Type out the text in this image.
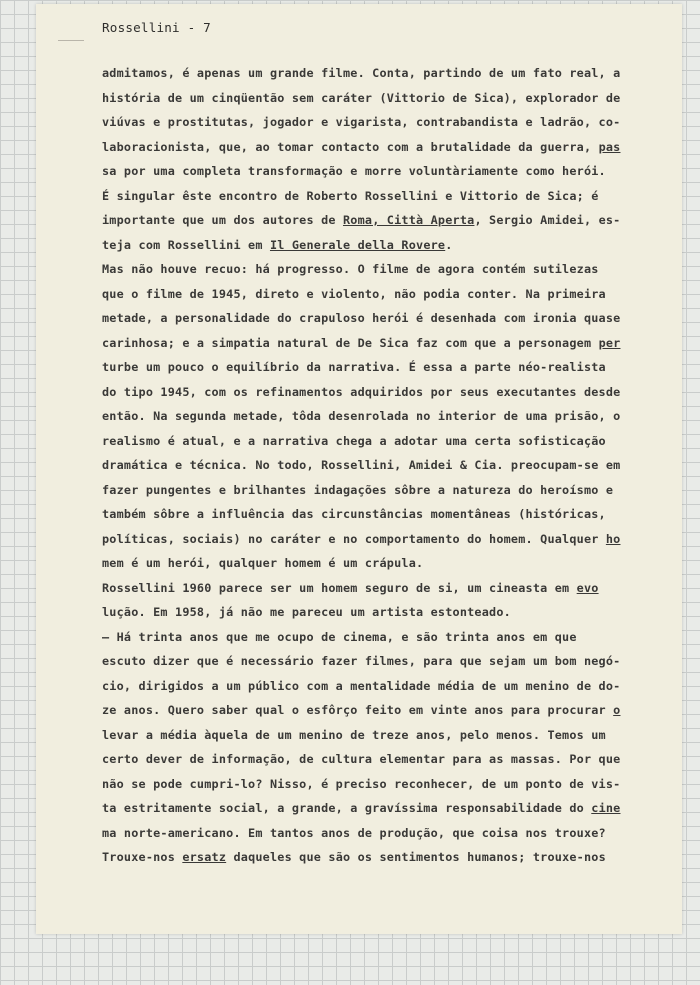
Rossellini - 7
admitamos, é apenas um grande filme. Conta, partindo de um fato real, a
história de um cinqüentão sem caráter (Vittorio de Sica), explorador de
viúvas e prostitutas, jogador e vigarista, contrabandista e ladrão, co-
laboracionista, que, ao tomar contacto com a brutalidade da guerra, pas
sa por uma completa transformação e morre voluntàriamente como herói.
É singular êste encontro de Roberto Rossellini e Vittorio de Sica; é
importante que um dos autores de Roma, Città Aperta, Sergio Amidei, es-
teja com Rossellini em Il Generale della Rovere.
Mas não houve recuo: há progresso. O filme de agora contém sutilezas
que o filme de 1945, direto e violento, não podia conter. Na primeira
metade, a personalidade do crapuloso herói é desenhada com ironia quase
carinhosa; e a simpatia natural de De Sica faz com que a personagem per
turbe um pouco o equilíbrio da narrativa. É essa a parte néo-realista
do tipo 1945, com os refinamentos adquiridos por seus executantes desde
então. Na segunda metade, tôda desenrolada no interior de uma prisão, o
realismo é atual, e a narrativa chega a adotar uma certa sofisticação
dramática e técnica. No todo, Rossellini, Amidei & Cia. preocupam-se em
fazer pungentes e brilhantes indagações sôbre a natureza do heroísmo e
também sôbre a influência das circunstâncias momentâneas (históricas,
políticas, sociais) no caráter e no comportamento do homem. Qualquer ho
mem é um herói, qualquer homem é um crápula.
Rossellini 1960 parece ser um homem seguro de si, um cineasta em evo
lução. Em 1958, já não me pareceu um artista estonteado.
— Há trinta anos que me ocupo de cinema, e são trinta anos em que
escuto dizer que é necessário fazer filmes, para que sejam um bom negó-
cio, dirigidos a um público com a mentalidade média de um menino de do-
ze anos. Quero saber qual o esfôrço feito em vinte anos para procurar o
levar a média àquela de um menino de treze anos, pelo menos. Temos um
certo dever de informação, de cultura elementar para as massas. Por que
não se pode cumpri-lo? Nisso, é preciso reconhecer, de um ponto de vis-
ta estritamente social, a grande, a gravíssima responsabilidade do cine
ma norte-americano. Em tantos anos de produção, que coisa nos trouxe?
Trouxe-nos ersatz daqueles que são os sentimentos humanos; trouxe-nos
